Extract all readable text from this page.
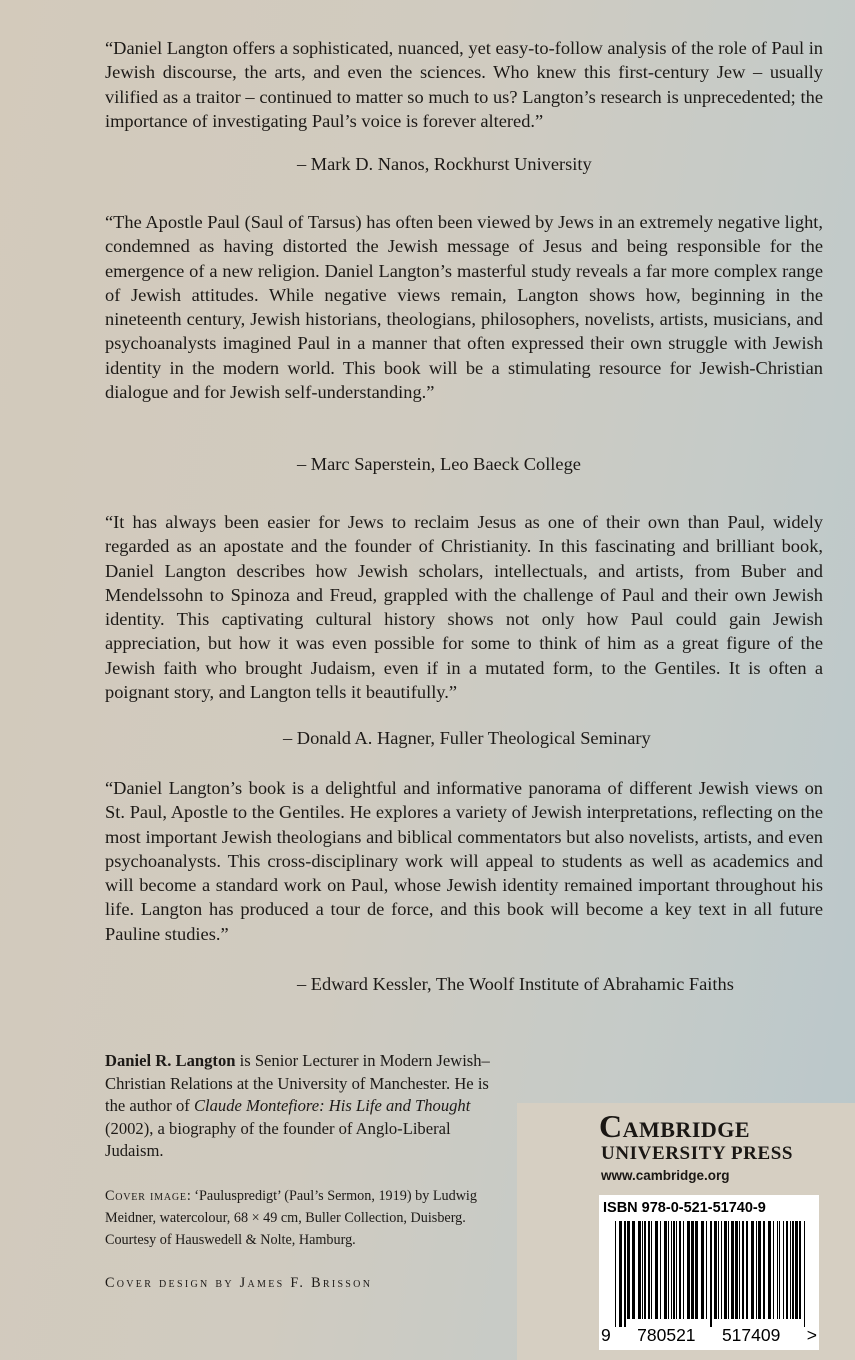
“Daniel Langton offers a sophisticated, nuanced, yet easy-to-follow analysis of the role of Paul in Jewish discourse, the arts, and even the sciences. Who knew this first-century Jew – usually vilified as a traitor – continued to matter so much to us? Langton’s research is unprecedented; the importance of investigating Paul’s voice is forever altered.”

– Mark D. Nanos, Rockhurst University

“The Apostle Paul (Saul of Tarsus) has often been viewed by Jews in an extremely negative light, condemned as having distorted the Jewish message of Jesus and being responsible for the emergence of a new religion. Daniel Langton’s masterful study reveals a far more complex range of Jewish attitudes. While negative views remain, Langton shows how, beginning in the nineteenth century, Jewish historians, theologians, philosophers, novelists, artists, musicians, and psychoanalysts imagined Paul in a manner that often expressed their own struggle with Jewish identity in the modern world. This book will be a stimulating resource for Jewish-Christian dialogue and for Jewish self-understanding.”

– Marc Saperstein, Leo Baeck College

“It has always been easier for Jews to reclaim Jesus as one of their own than Paul, widely regarded as an apostate and the founder of Christianity. In this fascinating and brilliant book, Daniel Langton describes how Jewish scholars, intellectuals, and artists, from Buber and Mendelssohn to Spinoza and Freud, grappled with the challenge of Paul and their own Jewish identity. This captivating cultural history shows not only how Paul could gain Jewish appreciation, but how it was even possible for some to think of him as a great figure of the Jewish faith who brought Judaism, even if in a mutated form, to the Gentiles. It is often a poignant story, and Langton tells it beautifully.”

– Donald A. Hagner, Fuller Theological Seminary

“Daniel Langton’s book is a delightful and informative panorama of different Jewish views on St. Paul, Apostle to the Gentiles. He explores a variety of Jewish interpretations, reflecting on the most important Jewish theologians and biblical commentators but also novelists, artists, and even psychoanalysts. This cross-disciplinary work will appeal to students as well as academics and will become a standard work on Paul, whose Jewish identity remained important throughout his life. Langton has produced a tour de force, and this book will become a key text in all future Pauline studies.”

– Edward Kessler, The Woolf Institute of Abrahamic Faiths

Daniel R. Langton is Senior Lecturer in Modern Jewish–Christian Relations at the University of Manchester. He is the author of Claude Montefiore: His Life and Thought (2002), a biography of the founder of Anglo-Liberal Judaism.

Cover image: ‘Pauluspredigt’ (Paul’s Sermon, 1919) by Ludwig Meidner, watercolour, 68 × 49 cm, Buller Collection, Duisberg. Courtesy of Hauswedell & Nolte, Hamburg.

Cover design by James F. Brisson

Cambridge
UNIVERSITY PRESS
www.cambridge.org
ISBN 978-0-521-51740-9
9 780521 517409 >
